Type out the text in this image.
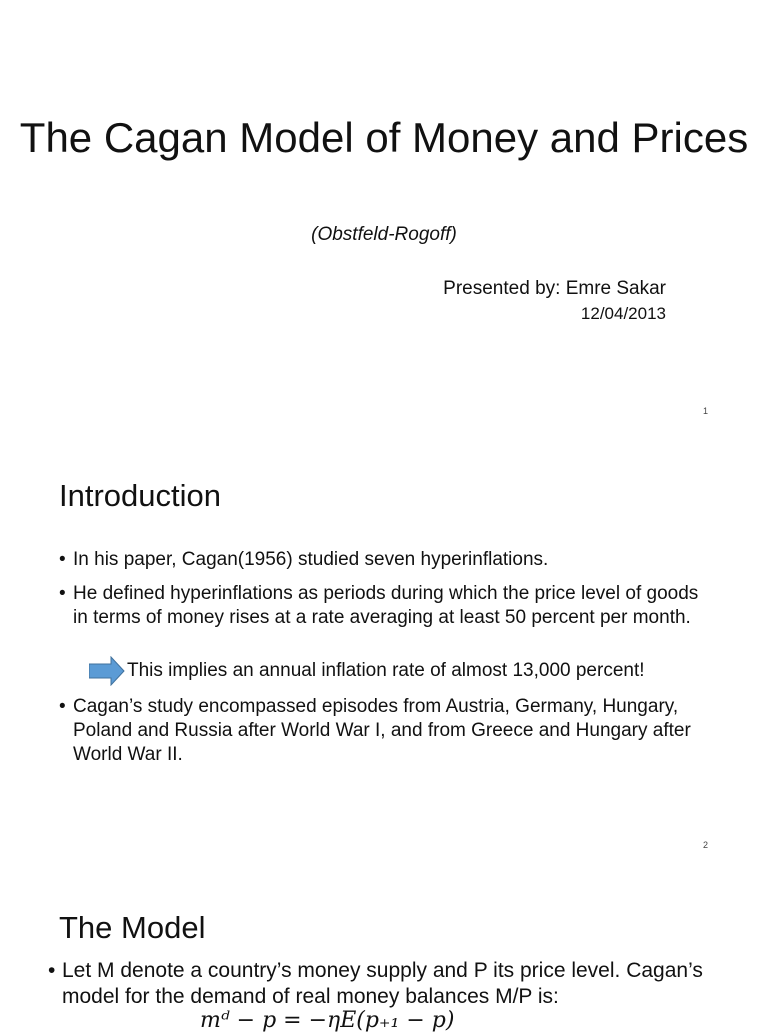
The Cagan Model of Money and Prices
(Obstfeld-Rogoff)
Presented by: Emre Sakar
12/04/2013
1
Introduction
• In his paper, Cagan(1956) studied seven hyperinflations.
• He defined hyperinflations as periods during which the price level of goods in terms of money rises at a rate averaging at least 50 percent per month.
This implies an annual inflation rate of almost 13,000 percent!
• Cagan’s study encompassed episodes from Austria, Germany, Hungary, Poland and Russia after World War I, and from Greece and Hungary after World War II.
2
The Model
• Let M denote a country’s money supply and P its price level. Cagan’s model for the demand of real money balances M/P is:
mᵈ − p = −ηE(p₊₁ − p)
